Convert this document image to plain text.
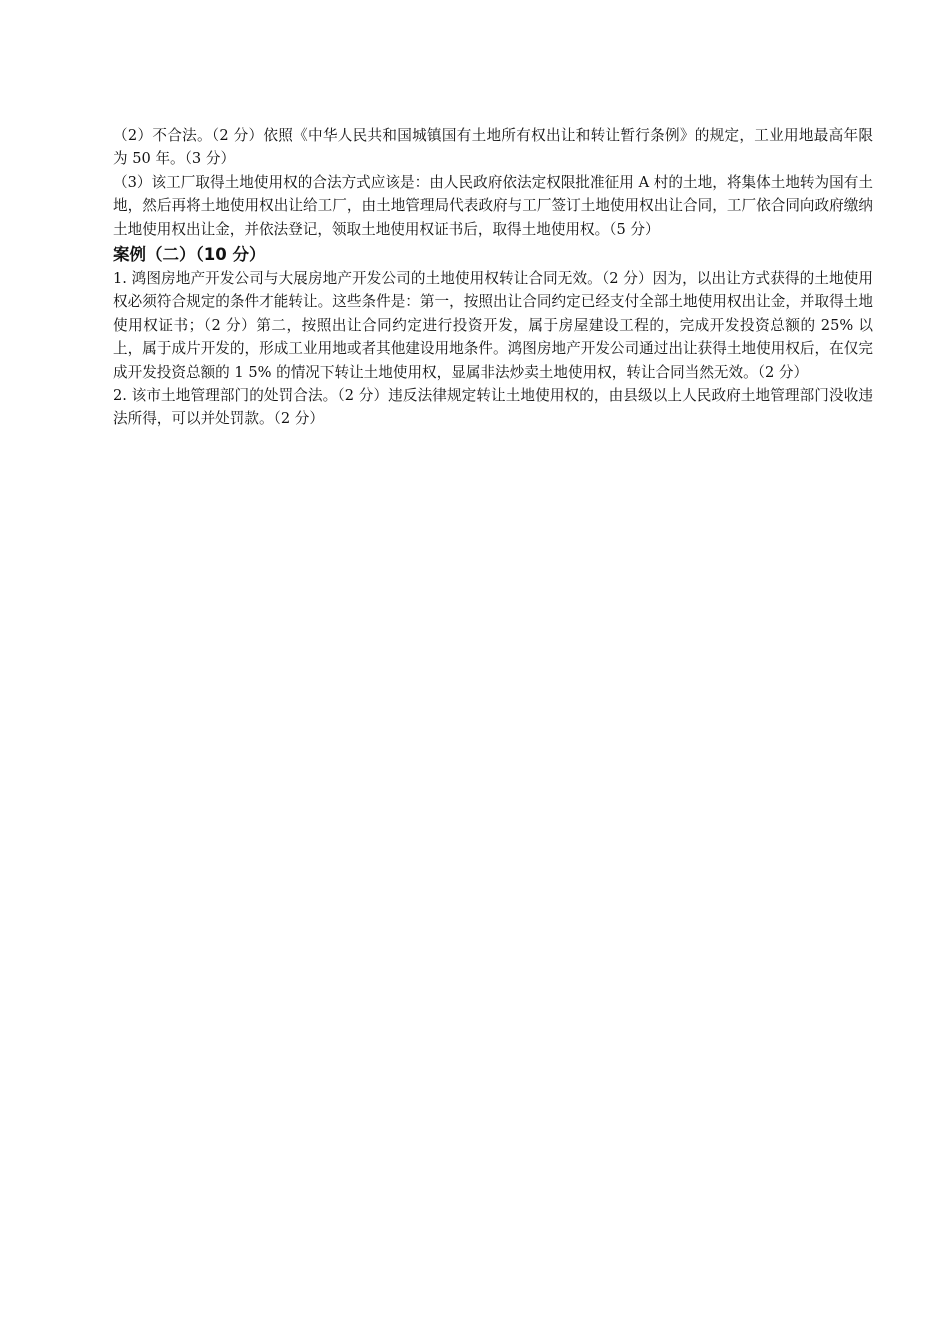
（2）不合法。（2 分）依照《中华人民共和国城镇国有土地所有权出让和转让暂行条例》的规定，工业用地最高年限为 50 年。（3 分）

（3）该工厂取得土地使用权的合法方式应该是：由人民政府依法定权限批准征用 A 村的土地，将集体土地转为国有土地，然后再将土地使用权出让给工厂，由土地管理局代表政府与工厂签订土地使用权出让合同，工厂依合同向政府缴纳土地使用权出让金，并依法登记，领取土地使用权证书后，取得土地使用权。（5 分）

案例（二）（10 分）

1. 鸿图房地产开发公司与大展房地产开发公司的土地使用权转让合同无效。（2 分）因为，以出让方式获得的土地使用权必须符合规定的条件才能转让。这些条件是：第一，按照出让合同约定已经支付全部土地使用权出让金，并取得土地使用权证书；（2 分）第二，按照出让合同约定进行投资开发，属于房屋建设工程的，完成开发投资总额的 25% 以上，属于成片开发的，形成工业用地或者其他建设用地条件。鸿图房地产开发公司通过出让获得土地使用权后，在仅完成开发投资总额的 1 5% 的情况下转让土地使用权，显属非法炒卖土地使用权，转让合同当然无效。（2 分）

2. 该市土地管理部门的处罚合法。（2 分）违反法律规定转让土地使用权的，由县级以上人民政府土地管理部门没收违法所得，可以并处罚款。（2 分）
